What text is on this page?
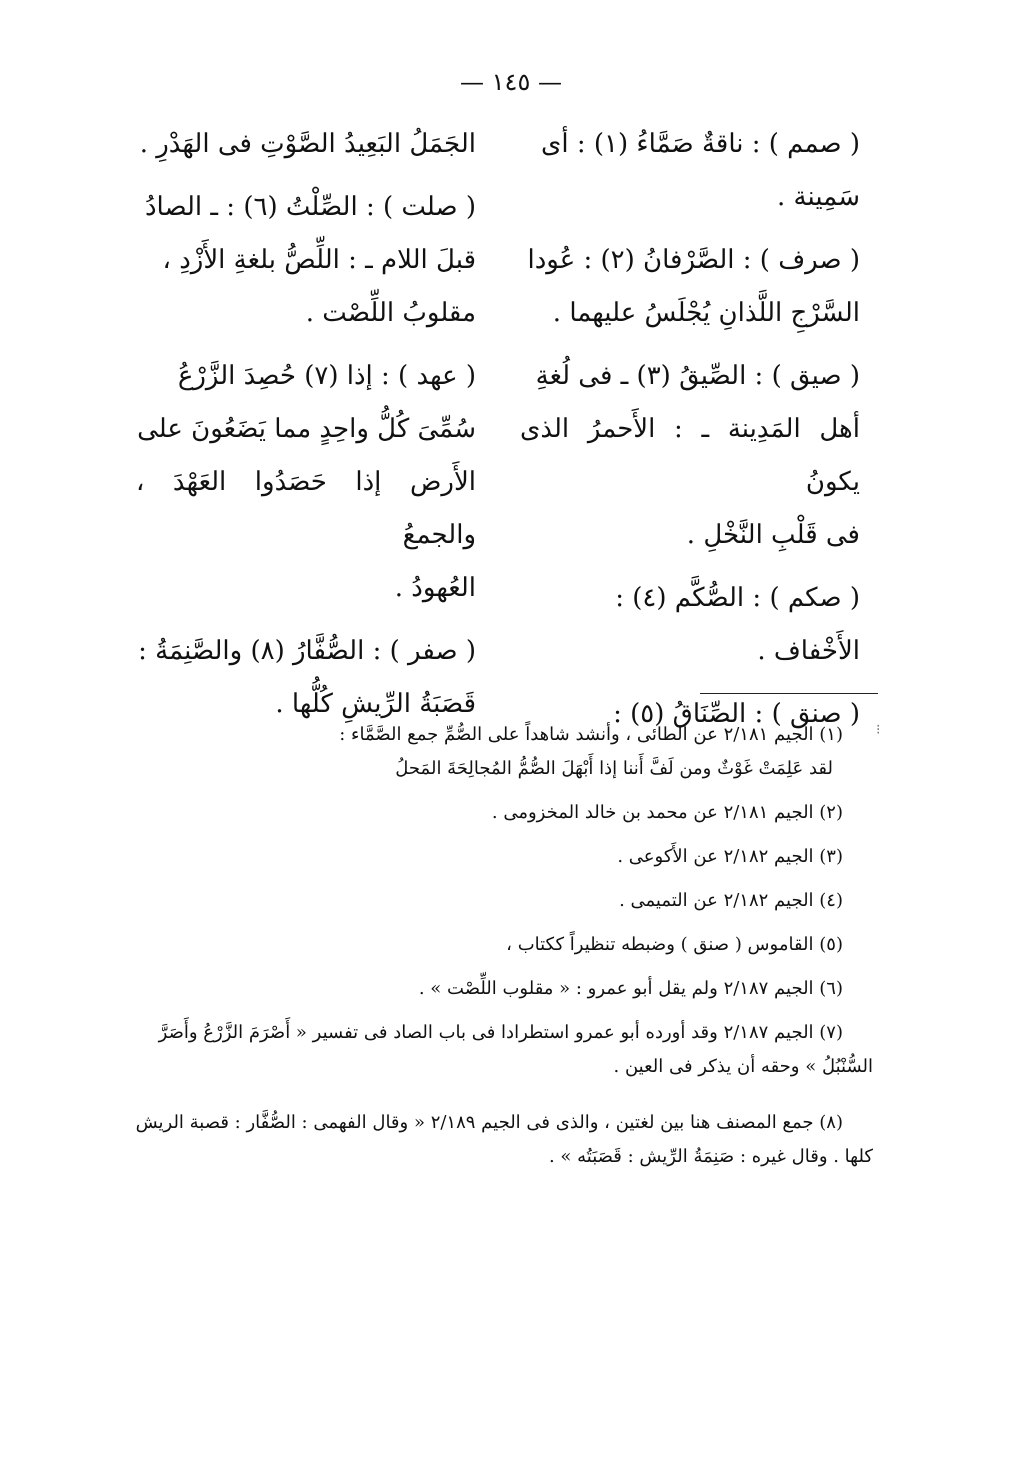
— ١٤٥ —

( صمم ) : ناقةٌ صَمَّاءُ (١) : أى

سَمِينة .

( صرف ) : الصَّرْفانُ (٢) : عُودا

السَّرْجِ اللَّذانِ يُجْلَسُ عليهما .

( صيق ) : الصِّيقُ (٣) ـ فى لُغةِ

أهل المَدِينة ـ : الأَحمرُ الذى يكونُ

فى قَلْبِ النَّخْلِ .

( صكم ) : الصُّكَّم (٤) :

الأَخْفاف .

( صنق ) : الصِّنَاقُ (٥) :

الجَمَلُ البَعِيدُ الصَّوْتِ فى الهَدْرِ .

( صلت ) : الصِّلْتُ (٦) : ـ الصادُ

قبلَ اللام ـ : اللِّصُّ بلغةِ الأَزْدِ ،

مقلوبُ اللِّصْت .

( عهد ) : إذا (٧) حُصِدَ الزَّرْعُ

سُمِّىَ كُلُّ واحِدٍ مما يَضَعُونَ على

الأَرض إذا حَصَدُوا العَهْدَ ، والجمعُ

العُهودُ .

( صفر ) : الصُّفَّارُ (٨) والصَّنِمَةُ :

قَصَبَةُ الرِّيشِ كُلُّها .

⁝
(١) الجيم ٢/١٨١ عن الطائى ، وأنشد شاهداً على الصُّمِّ جمع الصَّمَّاء :
لقد عَلِمَتْ غَوْثٌ ومن لَفَّ أَننا إذا أَبْهَلَ الصُّمُّ المُجالِحَةَ المَحلُ
(٢) الجيم ٢/١٨١ عن محمد بن خالد المخزومى .
(٣) الجيم ٢/١٨٢ عن الأَكوعى .
(٤) الجيم ٢/١٨٢ عن التميمى .
(٥) القاموس ( صنق ) وضبطه تنظيراً ككتاب ،
(٦) الجيم ٢/١٨٧ ولم يقل أبو عمرو : « مقلوب اللِّصْت » .
(٧) الجيم ٢/١٨٧ وقد أورده أبو عمرو استطرادا فى باب الصاد فى تفسير « أَصْرَمَ الزَّرْعُ وأَصَرَّ السُّنْبُلُ » وحقه أن يذكر فى العين .
(٨) جمع المصنف هنا بين لغتين ، والذى فى الجيم ٢/١٨٩ « وقال الفهمى : الصُّفَّار : قصبة الريش كلها . وقال غيره : صَنِمَةُ الرِّيش : قَصَبَتُه » .
